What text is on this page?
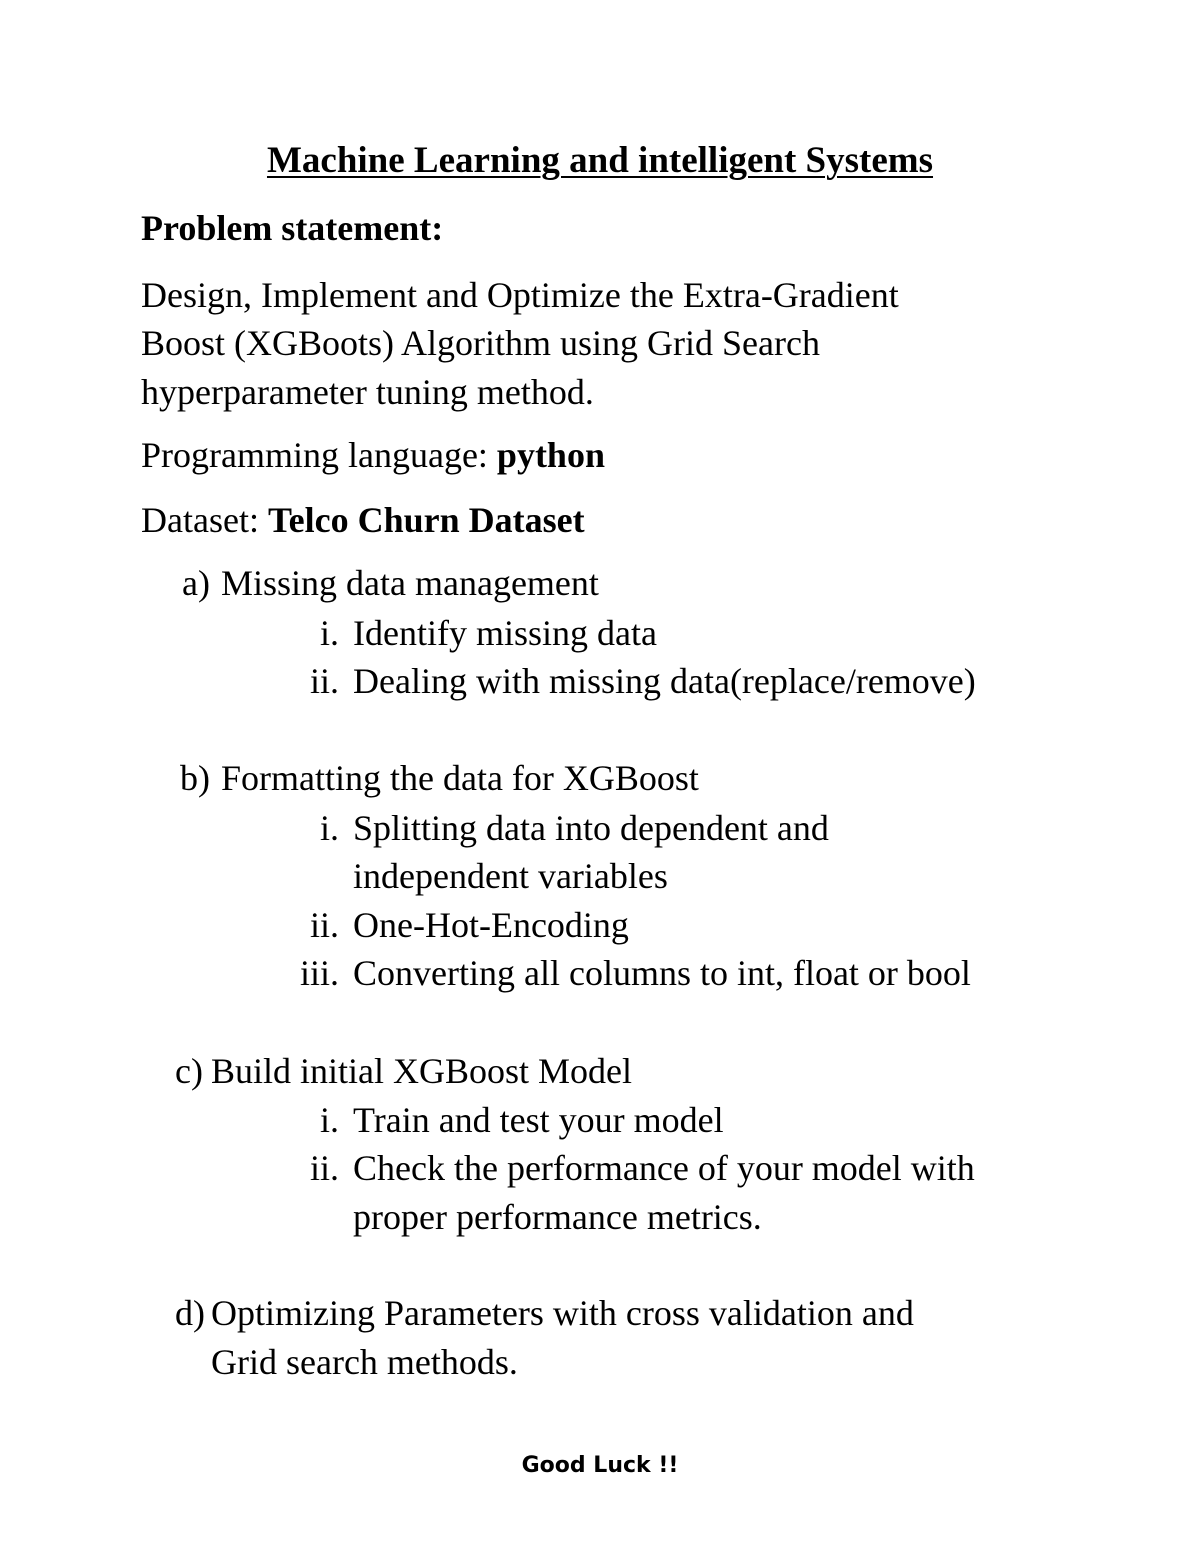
Machine Learning and intelligent Systems
Problem statement:
Design, Implement and Optimize the Extra-Gradient
Boost (XGBoots) Algorithm using Grid Search
hyperparameter tuning method.
Programming language: python
Dataset: Telco Churn Dataset
a) Missing data management
i. Identify missing data
ii. Dealing with missing data(replace/remove)
b) Formatting the data for XGBoost
i. Splitting data into dependent and
independent variables
ii. One-Hot-Encoding
iii. Converting all columns to int, float or bool
c) Build initial XGBoost Model
i. Train and test your model
ii. Check the performance of your model with
proper performance metrics.
d) Optimizing Parameters with cross validation and
Grid search methods.
Good Luck !!
